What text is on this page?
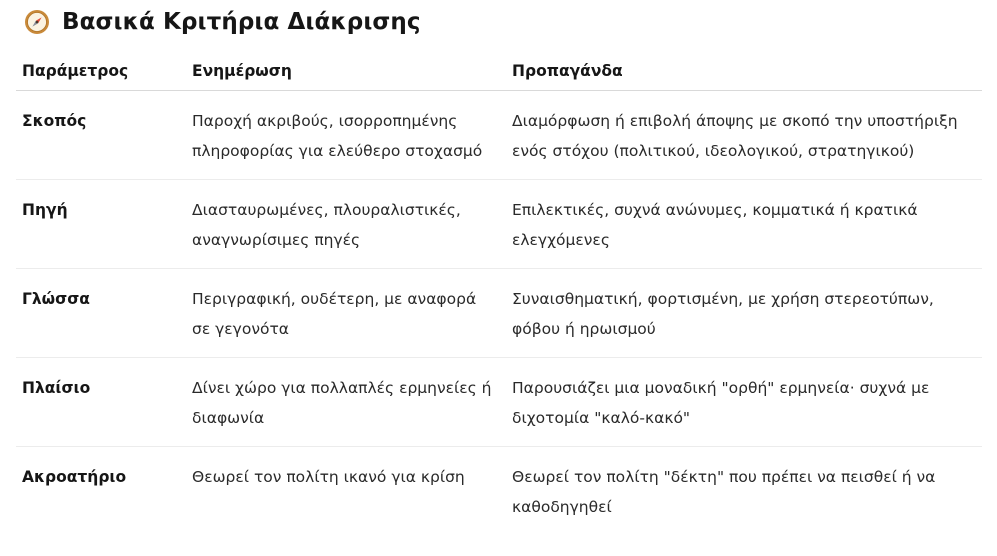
Βασικά Κριτήρια Διάκρισης
Παράμετρος	Ενημέρωση	Προπαγάνδα
Σκοπός	Παροχή ακριβούς, ισορροπημένης πληροφορίας για ελεύθερο στοχασμό	Διαμόρφωση ή επιβολή άποψης με σκοπό την υποστήριξη ενός στόχου (πολιτικού, ιδεολογικού, στρατηγικού)
Πηγή	Διασταυρωμένες, πλουραλιστικές, αναγνωρίσιμες πηγές	Επιλεκτικές, συχνά ανώνυμες, κομματικά ή κρατικά ελεγχόμενες
Γλώσσα	Περιγραφική, ουδέτερη, με αναφορά σε γεγονότα	Συναισθηματική, φορτισμένη, με χρήση στερεοτύπων, φόβου ή ηρωισμού
Πλαίσιο	Δίνει χώρο για πολλαπλές ερμηνείες ή διαφωνία	Παρουσιάζει μια μοναδική "ορθή" ερμηνεία· συχνά με διχοτομία "καλό-κακό"
Ακροατήριο	Θεωρεί τον πολίτη ικανό για κρίση	Θεωρεί τον πολίτη "δέκτη" που πρέπει να πεισθεί ή να καθοδηγηθεί
